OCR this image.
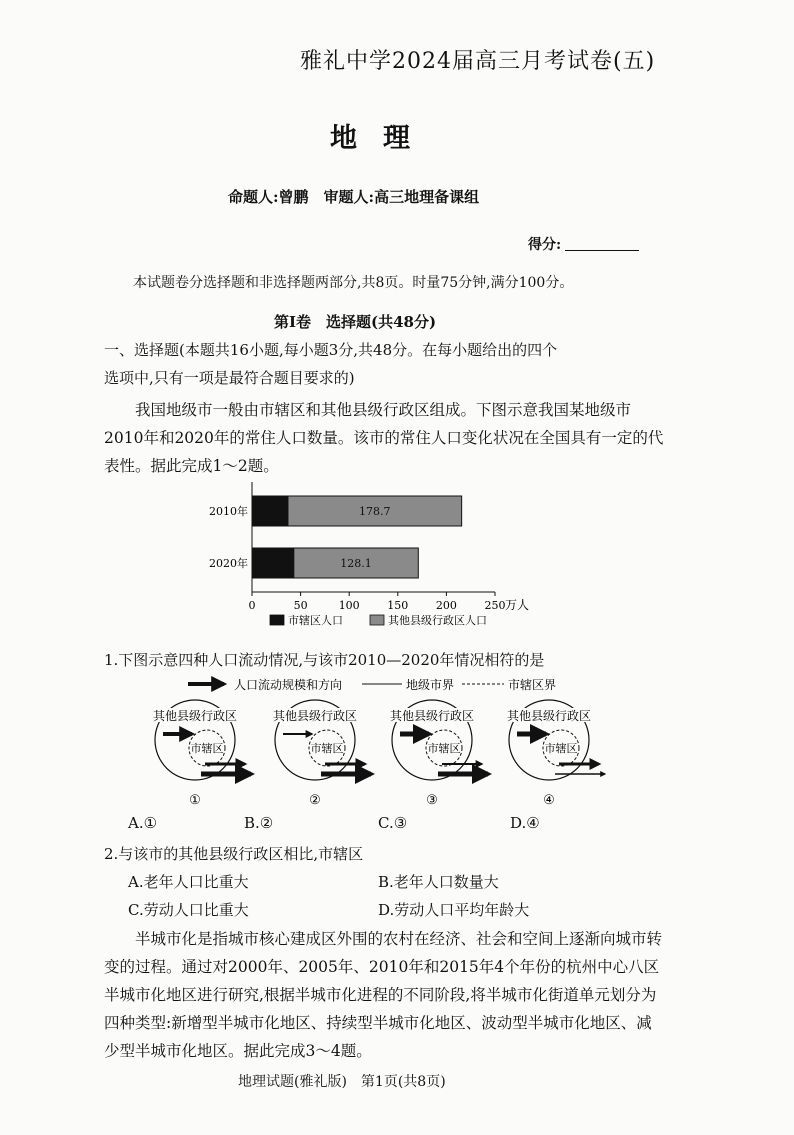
雅礼中学2024届高三月考试卷(五)
地理
命题人:曾鹏　审题人:高三地理备课组
得分:
本试题卷分选择题和非选择题两部分,共8页。时量75分钟,满分100分。
第Ⅰ卷　选择题(共48分)
一、选择题(本题共16小题,每小题3分,共48分。在每小题给出的四个
选项中,只有一项是最符合题目要求的)
我国地级市一般由市辖区和其他县级行政区组成。下图示意我国某地级市2010年和2020年的常住人口数量。该市的常住人口变化状况在全国具有一定的代表性。据此完成1～2题。
0	50	100	150	200	250 万人
2010年
2020年
178.7
128.1
市辖区人口	其他县级行政区人口
1.下图示意四种人口流动情况,与该市2010—2020年情况相符的是
人口流动规模和方向	地级市界	市辖区界
其他县级行政区
市辖区
①
其他县级行政区
市辖区
②
其他县级行政区
市辖区
③
其他县级行政区
市辖区
④
A.①	B.②	C.③	D.④
2.与该市的其他县级行政区相比,市辖区
A.老年人口比重大	B.老年人口数量大
C.劳动人口比重大	D.劳动人口平均年龄大
半城市化是指城市核心建成区外围的农村在经济、社会和空间上逐渐向城市转变的过程。通过对2000年、2005年、2010年和2015年4个年份的杭州中心八区半城市化地区进行研究,根据半城市化进程的不同阶段,将半城市化街道单元划分为四种类型:新增型半城市化地区、持续型半城市化地区、波动型半城市化地区、减少型半城市化地区。据此完成3～4题。
地理试题(雅礼版)　第1页(共8页)
